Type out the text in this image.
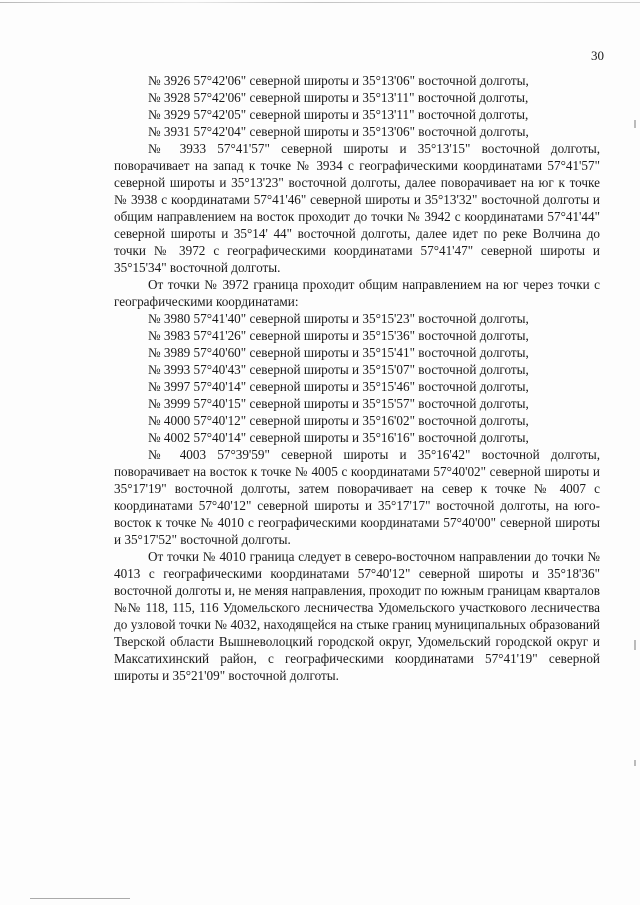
30

№ 3926 57°42'06" северной широты и 35°13'06" восточной долготы,

№ 3928 57°42'06" северной широты и 35°13'11" восточной долготы,

№ 3929 57°42'05" северной широты и 35°13'11" восточной долготы,

№ 3931 57°42'04" северной широты и 35°13'06" восточной долготы,

№ 3933 57°41'57" северной широты и 35°13'15" восточной долготы, поворачивает на запад к точке № 3934 с географическими координатами 57°41'57" северной широты и 35°13'23" восточной долготы, далее поворачивает на юг к точке № 3938 с координатами 57°41'46" северной широты и 35°13'32" восточной долготы и общим направлением на восток проходит до точки № 3942 с координатами 57°41'44" северной широты и 35°14' 44" восточной долготы, далее идет по реке Волчина до точки № 3972 с географическими координатами 57°41'47" северной широты и 35°15'34" восточной долготы.

От точки № 3972 граница проходит общим направлением на юг через точки с географическими координатами:

№ 3980 57°41'40" северной широты и 35°15'23" восточной долготы,

№ 3983 57°41'26" северной широты и 35°15'36" восточной долготы,

№ 3989 57°40'60" северной широты и 35°15'41" восточной долготы,

№ 3993 57°40'43" северной широты и 35°15'07" восточной долготы,

№ 3997 57°40'14" северной широты и 35°15'46" восточной долготы,

№ 3999 57°40'15" северной широты и 35°15'57" восточной долготы,

№ 4000 57°40'12" северной широты и 35°16'02" восточной долготы,

№ 4002 57°40'14" северной широты и 35°16'16" восточной долготы,

№ 4003 57°39'59" северной широты и 35°16'42" восточной долготы, поворачивает на восток к точке № 4005 с координатами 57°40'02" северной широты и 35°17'19" восточной долготы, затем поворачивает на север к точке № 4007 с координатами 57°40'12" северной широты и 35°17'17" восточной долготы, на юго-восток к точке № 4010 с географическими координатами 57°40'00" северной широты и 35°17'52" восточной долготы.

От точки № 4010 граница следует в северо-восточном направлении до точки № 4013 с географическими координатами 57°40'12" северной широты и 35°18'36" восточной долготы и, не меняя направления, проходит по южным границам кварталов №№ 118, 115, 116 Удомельского лесничества Удомельского участкового лесничества до узловой точки № 4032, находящейся на стыке границ муниципальных образований Тверской области Вышневолоцкий городской округ, Удомельский городской округ и Максатихинский район, с географическими координатами 57°41'19" северной широты и 35°21'09" восточной долготы.
